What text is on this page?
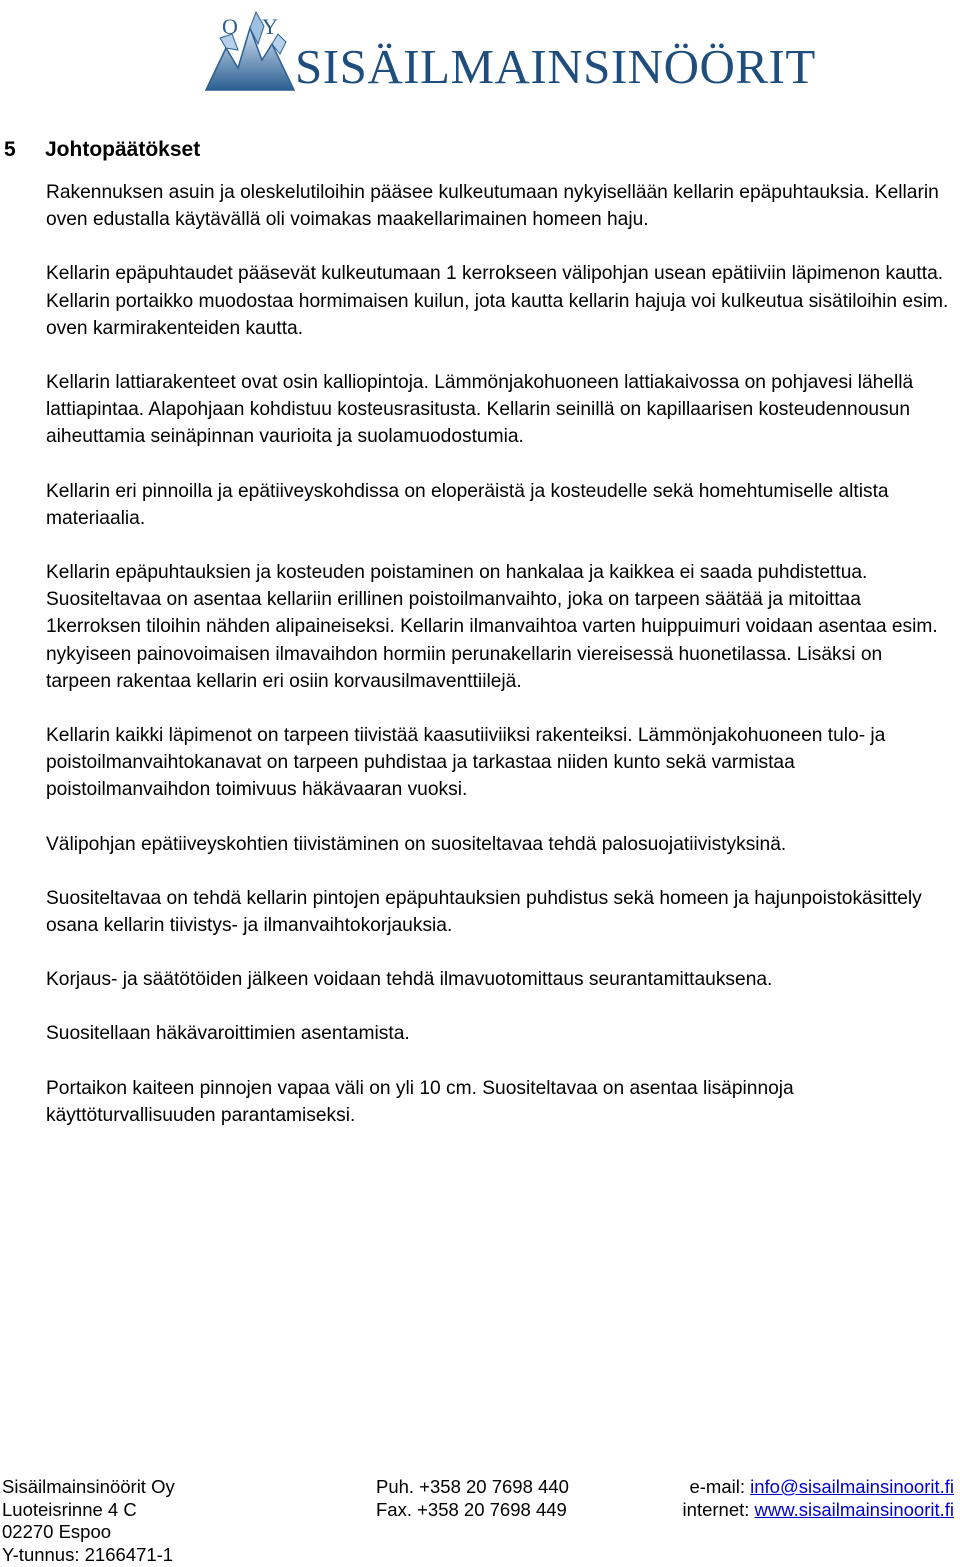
O Y
SISÄILMAINSINÖÖRIT
5 Johtopäätökset

Rakennuksen asuin ja oleskelutiloihin pääsee kulkeutumaan nykyisellään kellarin epäpuhtauksia. Kellarin oven edustalla käytävällä oli voimakas maakellarimainen homeen haju.

Kellarin epäpuhtaudet pääsevät kulkeutumaan 1 kerrokseen välipohjan usean epätiiviin läpimenon kautta. Kellarin portaikko muodostaa hormimaisen kuilun, jota kautta kellarin hajuja voi kulkeutua sisätiloihin esim. oven karmirakenteiden kautta.

Kellarin lattiarakenteet ovat osin kalliopintoja. Lämmönjakohuoneen lattiakaivossa on pohjavesi lähellä lattiapintaa. Alapohjaan kohdistuu kosteusrasitusta. Kellarin seinillä on kapillaarisen kosteudennousun aiheuttamia seinäpinnan vaurioita ja suolamuodostumia.

Kellarin eri pinnoilla ja epätiiveyskohdissa on eloperäistä ja kosteudelle sekä homehtumiselle altista materiaalia.

Kellarin epäpuhtauksien ja kosteuden poistaminen on hankalaa ja kaikkea ei saada puhdistettua. Suositeltavaa on asentaa kellariin erillinen poistoilmanvaihto, joka on tarpeen säätää ja mitoittaa 1kerroksen tiloihin nähden alipaineiseksi. Kellarin ilmanvaihtoa varten huippuimuri voidaan asentaa esim. nykyiseen painovoimaisen ilmavaihdon hormiin perunakellarin viereisessä huonetilassa. Lisäksi on tarpeen rakentaa kellarin eri osiin korvausilmaventtiilejä.

Kellarin kaikki läpimenot on tarpeen tiivistää kaasutiiviiksi rakenteiksi. Lämmönjakohuoneen tulo- ja poistoilmanvaihtokanavat on tarpeen puhdistaa ja tarkastaa niiden kunto sekä varmistaa poistoilmanvaihdon toimivuus häkävaaran vuoksi.

Välipohjan epätiiveyskohtien tiivistäminen on suositeltavaa tehdä palosuojatiivistyksinä.

Suositeltavaa on tehdä kellarin pintojen epäpuhtauksien puhdistus sekä homeen ja hajunpoistokäsittely osana kellarin tiivistys- ja ilmanvaihtokorjauksia.

Korjaus- ja säätötöiden jälkeen voidaan tehdä ilmavuotomittaus seurantamittauksena.

Suositellaan häkävaroittimien asentamista.

Portaikon kaiteen pinnojen vapaa väli on yli 10 cm. Suositeltavaa on asentaa lisäpinnoja käyttöturvallisuuden parantamiseksi.

Sisäilmainsinöörit Oy
Luoteisrinne 4 C
02270 Espoo
Y-tunnus: 2166471-1
Puh. +358 20 7698 440
Fax. +358 20 7698 449
e-mail: info@sisailmainsinoorit.fi
internet: www.sisailmainsinoorit.fi
